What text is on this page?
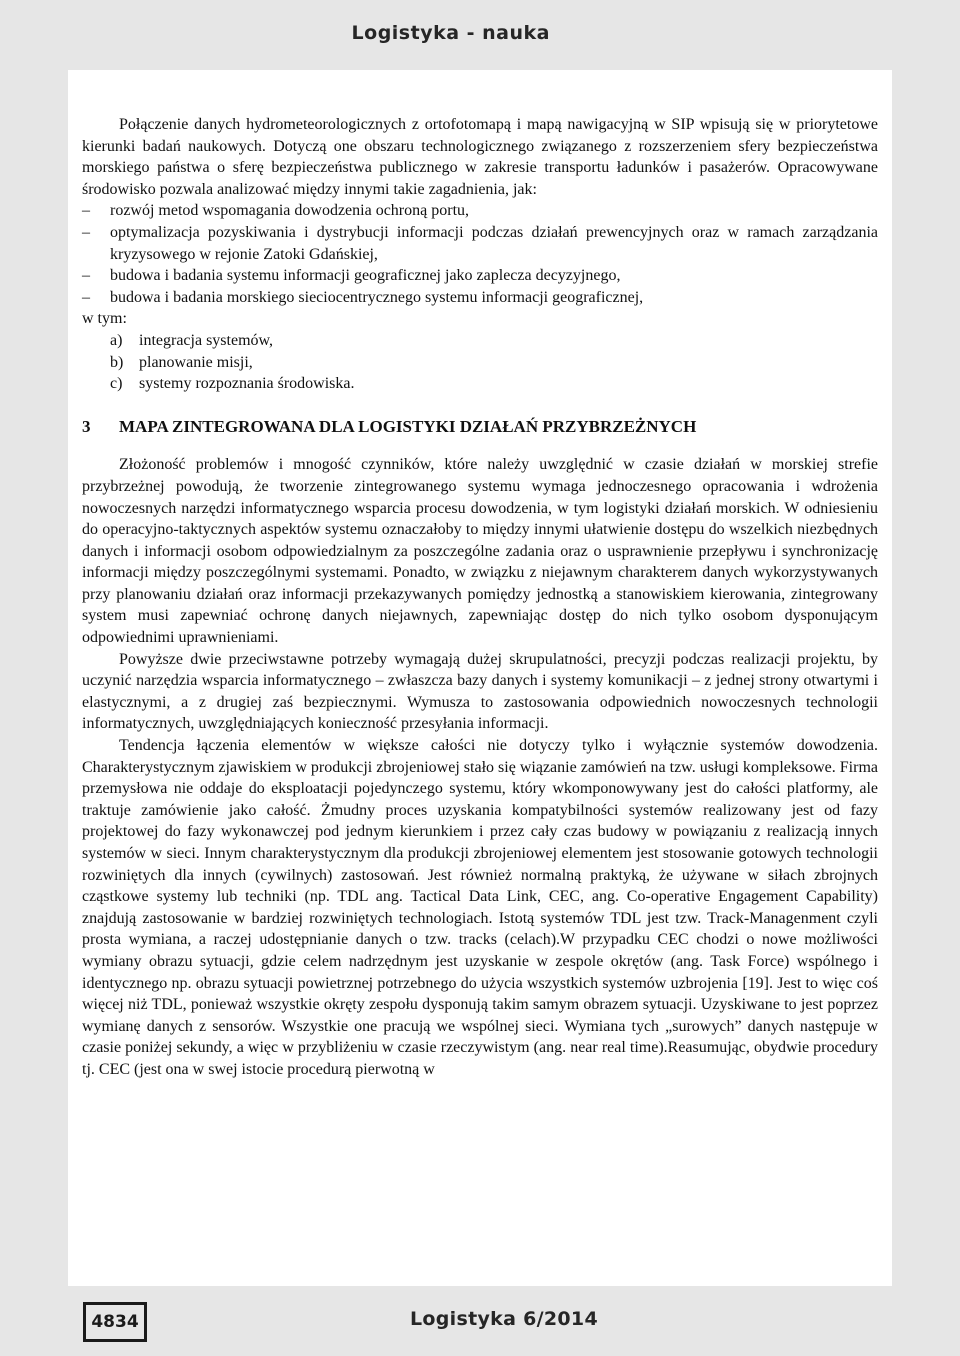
Logistyka - nauka

Połączenie danych hydrometeorologicznych z ortofotomapą i mapą nawigacyjną w SIP wpisują się w priorytetowe kierunki badań naukowych. Dotyczą one obszaru technologicznego związanego z rozszerzeniem sfery bezpieczeństwa morskiego państwa o sferę bezpieczeństwa publicznego w zakresie transportu ładunków i pasażerów. Opracowywane środowisko pozwala analizować między innymi takie zagadnienia, jak:

– rozwój metod wspomagania dowodzenia ochroną portu,
– optymalizacja pozyskiwania i dystrybucji informacji podczas działań prewencyjnych oraz w ramach zarządzania kryzysowego w rejonie Zatoki Gdańskiej,
– budowa i badania systemu informacji geograficznej jako zaplecza decyzyjnego,
– budowa i badania morskiego sieciocentrycznego systemu informacji geograficznej,

w tym:

a) integracja systemów,
b) planowanie misji,
c) systemy rozpoznania środowiska.
3 MAPA ZINTEGROWANA DLA LOGISTYKI DZIAŁAŃ PRZYBRZEŻNYCH

Złożoność problemów i mnogość czynników, które należy uwzględnić w czasie działań w morskiej strefie przybrzeżnej powodują, że tworzenie zintegrowanego systemu wymaga jednoczesnego opracowania i wdrożenia nowoczesnych narzędzi informatycznego wsparcia procesu dowodzenia, w tym logistyki działań morskich. W odniesieniu do operacyjno-taktycznych aspektów systemu oznaczałoby to między innymi ułatwienie dostępu do wszelkich niezbędnych danych i informacji osobom odpowiedzialnym za poszczególne zadania oraz o usprawnienie przepływu i synchronizację informacji między poszczególnymi systemami. Ponadto, w związku z niejawnym charakterem danych wykorzystywanych przy planowaniu działań oraz informacji przekazywanych pomiędzy jednostką a stanowiskiem kierowania, zintegrowany system musi zapewniać ochronę danych niejawnych, zapewniając dostęp do nich tylko osobom dysponującym odpowiednimi uprawnieniami.

Powyższe dwie przeciwstawne potrzeby wymagają dużej skrupulatności, precyzji podczas realizacji projektu, by uczynić narzędzia wsparcia informatycznego – zwłaszcza bazy danych i systemy komunikacji – z jednej strony otwartymi i elastycznymi, a z drugiej zaś bezpiecznymi. Wymusza to zastosowania odpowiednich nowoczesnych technologii informatycznych, uwzględniających konieczność przesyłania informacji.

Tendencja łączenia elementów w większe całości nie dotyczy tylko i wyłącznie systemów dowodzenia. Charakterystycznym zjawiskiem w produkcji zbrojeniowej stało się wiązanie zamówień na tzw. usługi kompleksowe. Firma przemysłowa nie oddaje do eksploatacji pojedynczego systemu, który wkomponowywany jest do całości platformy, ale traktuje zamówienie jako całość. Żmudny proces uzyskania kompatybilności systemów realizowany jest od fazy projektowej do fazy wykonawczej pod jednym kierunkiem i przez cały czas budowy w powiązaniu z realizacją innych systemów w sieci. Innym charakterystycznym dla produkcji zbrojeniowej elementem jest stosowanie gotowych technologii rozwiniętych dla innych (cywilnych) zastosowań. Jest również normalną praktyką, że używane w siłach zbrojnych cząstkowe systemy lub techniki (np. TDL ang. Tactical Data Link, CEC, ang. Co-operative Engagement Capability) znajdują zastosowanie w bardziej rozwiniętych technologiach. Istotą systemów TDL jest tzw. Track-Managenment czyli prosta wymiana, a raczej udostępnianie danych o tzw. tracks (celach).W przypadku CEC chodzi o nowe możliwości wymiany obrazu sytuacji, gdzie celem nadrzędnym jest uzyskanie w zespole okrętów (ang. Task Force) wspólnego i identycznego np. obrazu sytuacji powietrznej potrzebnego do użycia wszystkich systemów uzbrojenia [19]. Jest to więc coś więcej niż TDL, ponieważ wszystkie okręty zespołu dysponują takim samym obrazem sytuacji. Uzyskiwane to jest poprzez wymianę danych z sensorów. Wszystkie one pracują we wspólnej sieci. Wymiana tych „surowych” danych następuje w czasie poniżej sekundy, a więc w przybliżeniu w czasie rzeczywistym (ang. near real time).Reasumując, obydwie procedury tj. CEC (jest ona w swej istocie procedurą pierwotną w

4834	Logistyka 6/2014
